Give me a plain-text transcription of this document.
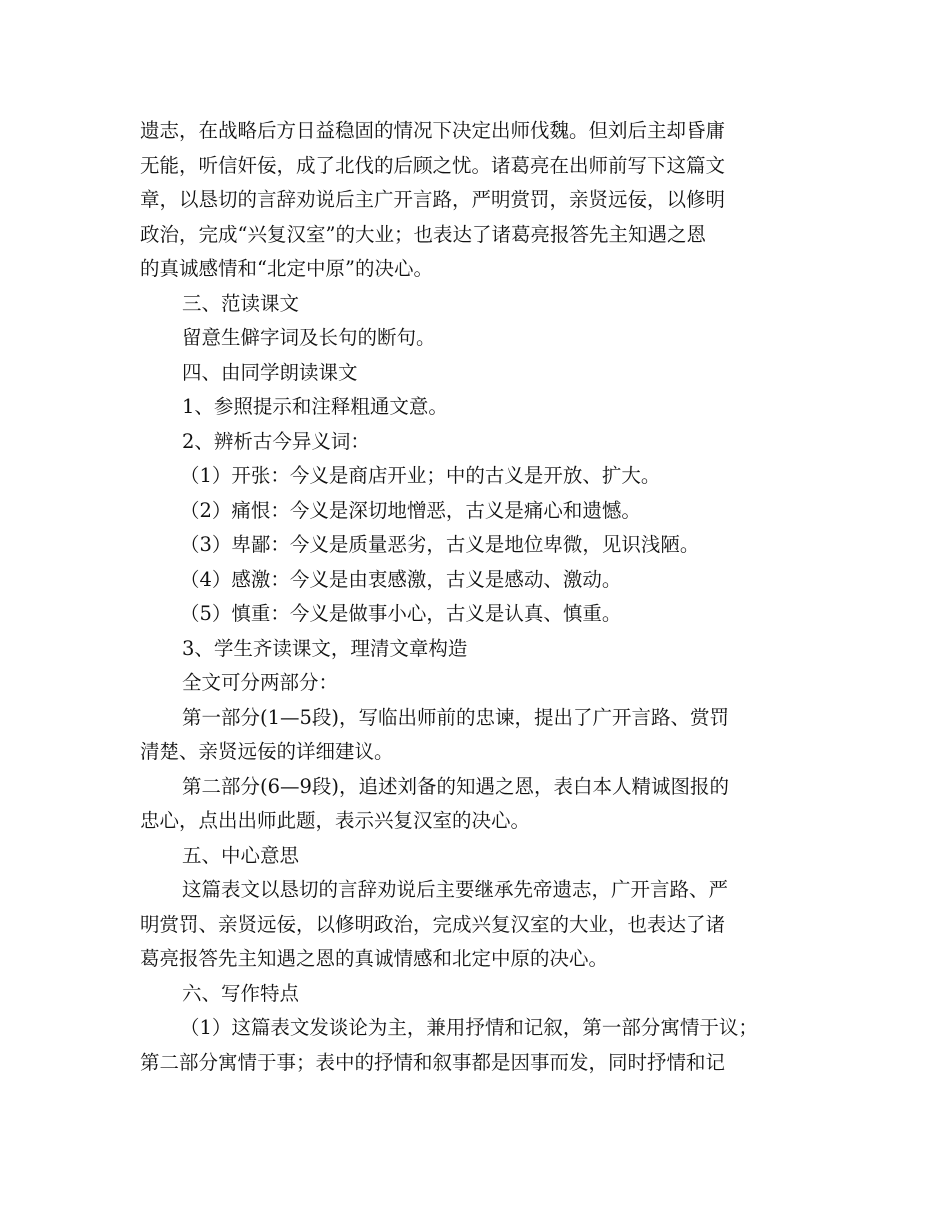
遗志，在战略后方日益稳固的情况下决定出师伐魏。但刘后主却昏庸
无能，听信奸佞，成了北伐的后顾之忧。诸葛亮在出师前写下这篇文
章，以恳切的言辞劝说后主广开言路，严明赏罚，亲贤远佞，以修明
政治，完成“兴复汉室”的大业；也表达了诸葛亮报答先主知遇之恩
的真诚感情和“北定中原”的决心。
三、范读课文
留意生僻字词及长句的断句。
四、由同学朗读课文
1、参照提示和注释粗通文意。
2、辨析古今异义词：
（1）开张：今义是商店开业；中的古义是开放、扩大。
（2）痛恨：今义是深切地憎恶，古义是痛心和遗憾。
（3）卑鄙：今义是质量恶劣，古义是地位卑微，见识浅陋。
（4）感激：今义是由衷感激，古义是感动、激动。
（5）慎重：今义是做事小心，古义是认真、慎重。
3、学生齐读课文，理清文章构造
全文可分两部分：
第一部分(1—5段)，写临出师前的忠谏，提出了广开言路、赏罚
清楚、亲贤远佞的详细建议。
第二部分(6—9段)，追述刘备的知遇之恩，表白本人精诚图报的
忠心，点出出师此题，表示兴复汉室的决心。
五、中心意思
这篇表文以恳切的言辞劝说后主要继承先帝遗志，广开言路、严
明赏罚、亲贤远佞，以修明政治，完成兴复汉室的大业，也表达了诸
葛亮报答先主知遇之恩的真诚情感和北定中原的决心。
六、写作特点
（1）这篇表文发谈论为主，兼用抒情和记叙，第一部分寓情于议；
第二部分寓情于事；表中的抒情和叙事都是因事而发，同时抒情和记
